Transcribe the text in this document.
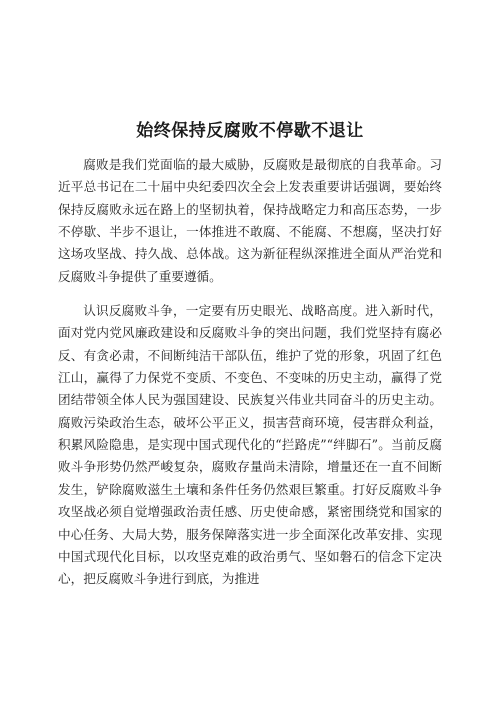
始终保持反腐败不停歇不退让

腐败是我们党面临的最大威胁，反腐败是最彻底的自我革命。习近平总书记在二十届中央纪委四次全会上发表重要讲话强调，要始终保持反腐败永远在路上的坚韧执着，保持战略定力和高压态势，一步不停歇、半步不退让，一体推进不敢腐、不能腐、不想腐，坚决打好这场攻坚战、持久战、总体战。这为新征程纵深推进全面从严治党和反腐败斗争提供了重要遵循。

认识反腐败斗争，一定要有历史眼光、战略高度。进入新时代，面对党内党风廉政建设和反腐败斗争的突出问题，我们党坚持有腐必反、有贪必肃，不间断纯洁干部队伍，维护了党的形象，巩固了红色江山，赢得了力保党不变质、不变色、不变味的历史主动，赢得了党团结带领全体人民为强国建设、民族复兴伟业共同奋斗的历史主动。腐败污染政治生态，破坏公平正义，损害营商环境，侵害群众利益，积累风险隐患，是实现中国式现代化的“拦路虎”“绊脚石”。当前反腐败斗争形势仍然严峻复杂，腐败存量尚未清除，增量还在一直不间断发生，铲除腐败滋生土壤和条件任务仍然艰巨繁重。打好反腐败斗争攻坚战必须自觉增强政治责任感、历史使命感，紧密围绕党和国家的中心任务、大局大势，服务保障落实进一步全面深化改革安排、实现中国式现代化目标，以攻坚克难的政治勇气、坚如磐石的信念下定决心，把反腐败斗争进行到底，为推进
